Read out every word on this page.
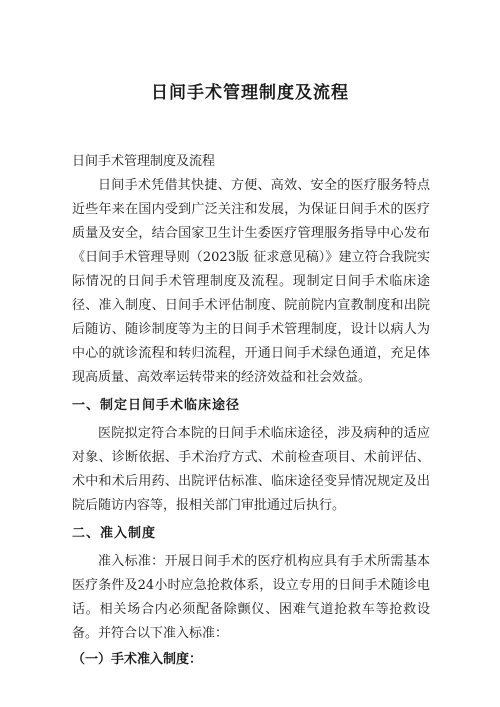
日间手术管理制度及流程

日间手术管理制度及流程

日间手术凭借其快捷、方便、高效、安全的医疗服务特点近些年来在国内受到广泛关注和发展，为保证日间手术的医疗质量及安全，结合国家卫生计生委医疗管理服务指导中心发布《日间手术管理导则（2023版 征求意见稿）》建立符合我院实际情况的日间手术管理制度及流程。现制定日间手术临床途径、准入制度、日间手术评估制度、院前院内宣教制度和出院后随访、随诊制度等为主的日间手术管理制度，设计以病人为中心的就诊流程和转归流程，开通日间手术绿色通道，充足体现高质量、高效率运转带来的经济效益和社会效益。

一、制定日间手术临床途径

医院拟定符合本院的日间手术临床途径，涉及病种的适应对象、诊断依据、手术治疗方式、术前检查项目、术前评估、术中和术后用药、出院评估标准、临床途径变异情况规定及出院后随访内容等，报相关部门审批通过后执行。

二、准入制度

准入标准：开展日间手术的医疗机构应具有手术所需基本医疗条件及24小时应急抢救体系，设立专用的日间手术随诊电话。相关场合内必须配备除颤仪、困难气道抢救车等抢救设备。并符合以下准入标准：

（一）手术准入制度：
